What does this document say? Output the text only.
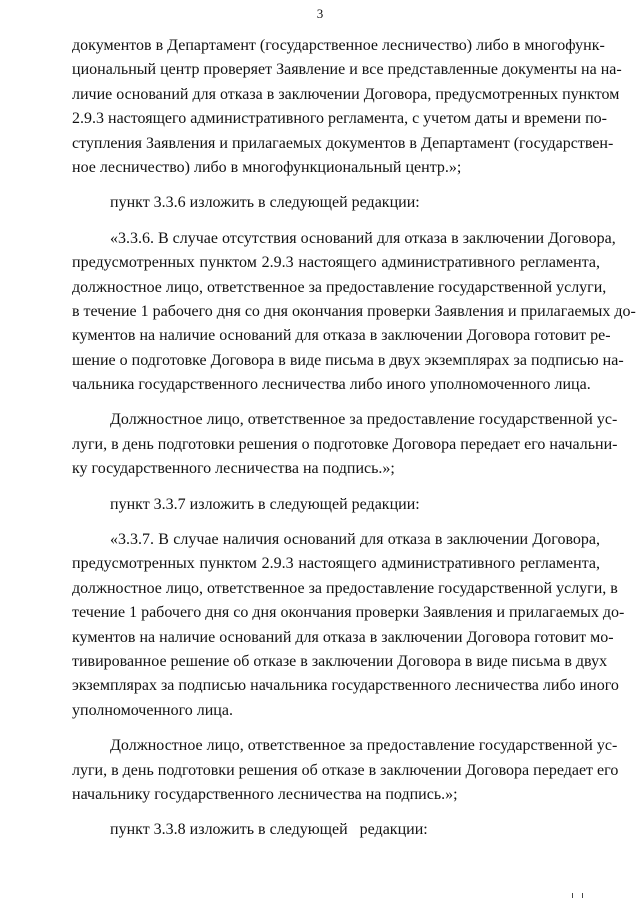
3
документов в Департамент (государственное лесничество) либо в многофунк-
циональный центр проверяет Заявление и все представленные документы на на-
личие оснований для отказа в заключении Договора, предусмотренных пунктом
2.9.3 настоящего административного регламента, с учетом даты и времени по-
ступления Заявления и прилагаемых документов в Департамент (государствен-
ное лесничество) либо в многофункциональный центр.»;
пункт 3.3.6 изложить в следующей редакции:
«3.3.6. В случае отсутствия оснований для отказа в заключении Договора,
предусмотренных пунктом 2.9.3 настоящего административного регламента,
должностное лицо, ответственное за предоставление государственной услуги,
в течение 1 рабочего дня со дня окончания проверки Заявления и прилагаемых до-
кументов на наличие оснований для отказа в заключении Договора готовит ре-
шение о подготовке Договора в виде письма в двух экземплярах за подписью на-
чальника государственного лесничества либо иного уполномоченного лица.
Должностное лицо, ответственное за предоставление государственной ус-
луги, в день подготовки решения о подготовке Договора передает его начальни-
ку государственного лесничества на подпись.»;
пункт 3.3.7 изложить в следующей редакции:
«3.3.7. В случае наличия оснований для отказа в заключении Договора,
предусмотренных пунктом 2.9.3 настоящего административного регламента,
должностное лицо, ответственное за предоставление государственной услуги, в
течение 1 рабочего дня со дня окончания проверки Заявления и прилагаемых до-
кументов на наличие оснований для отказа в заключении Договора готовит мо-
тивированное решение об отказе в заключении Договора в виде письма в двух
экземплярах за подписью начальника государственного лесничества либо иного
уполномоченного лица.
Должностное лицо, ответственное за предоставление государственной ус-
луги, в день подготовки решения об отказе в заключении Договора передает его
начальнику государственного лесничества на подпись.»;
пункт 3.3.8 изложить в следующей   редакции:
